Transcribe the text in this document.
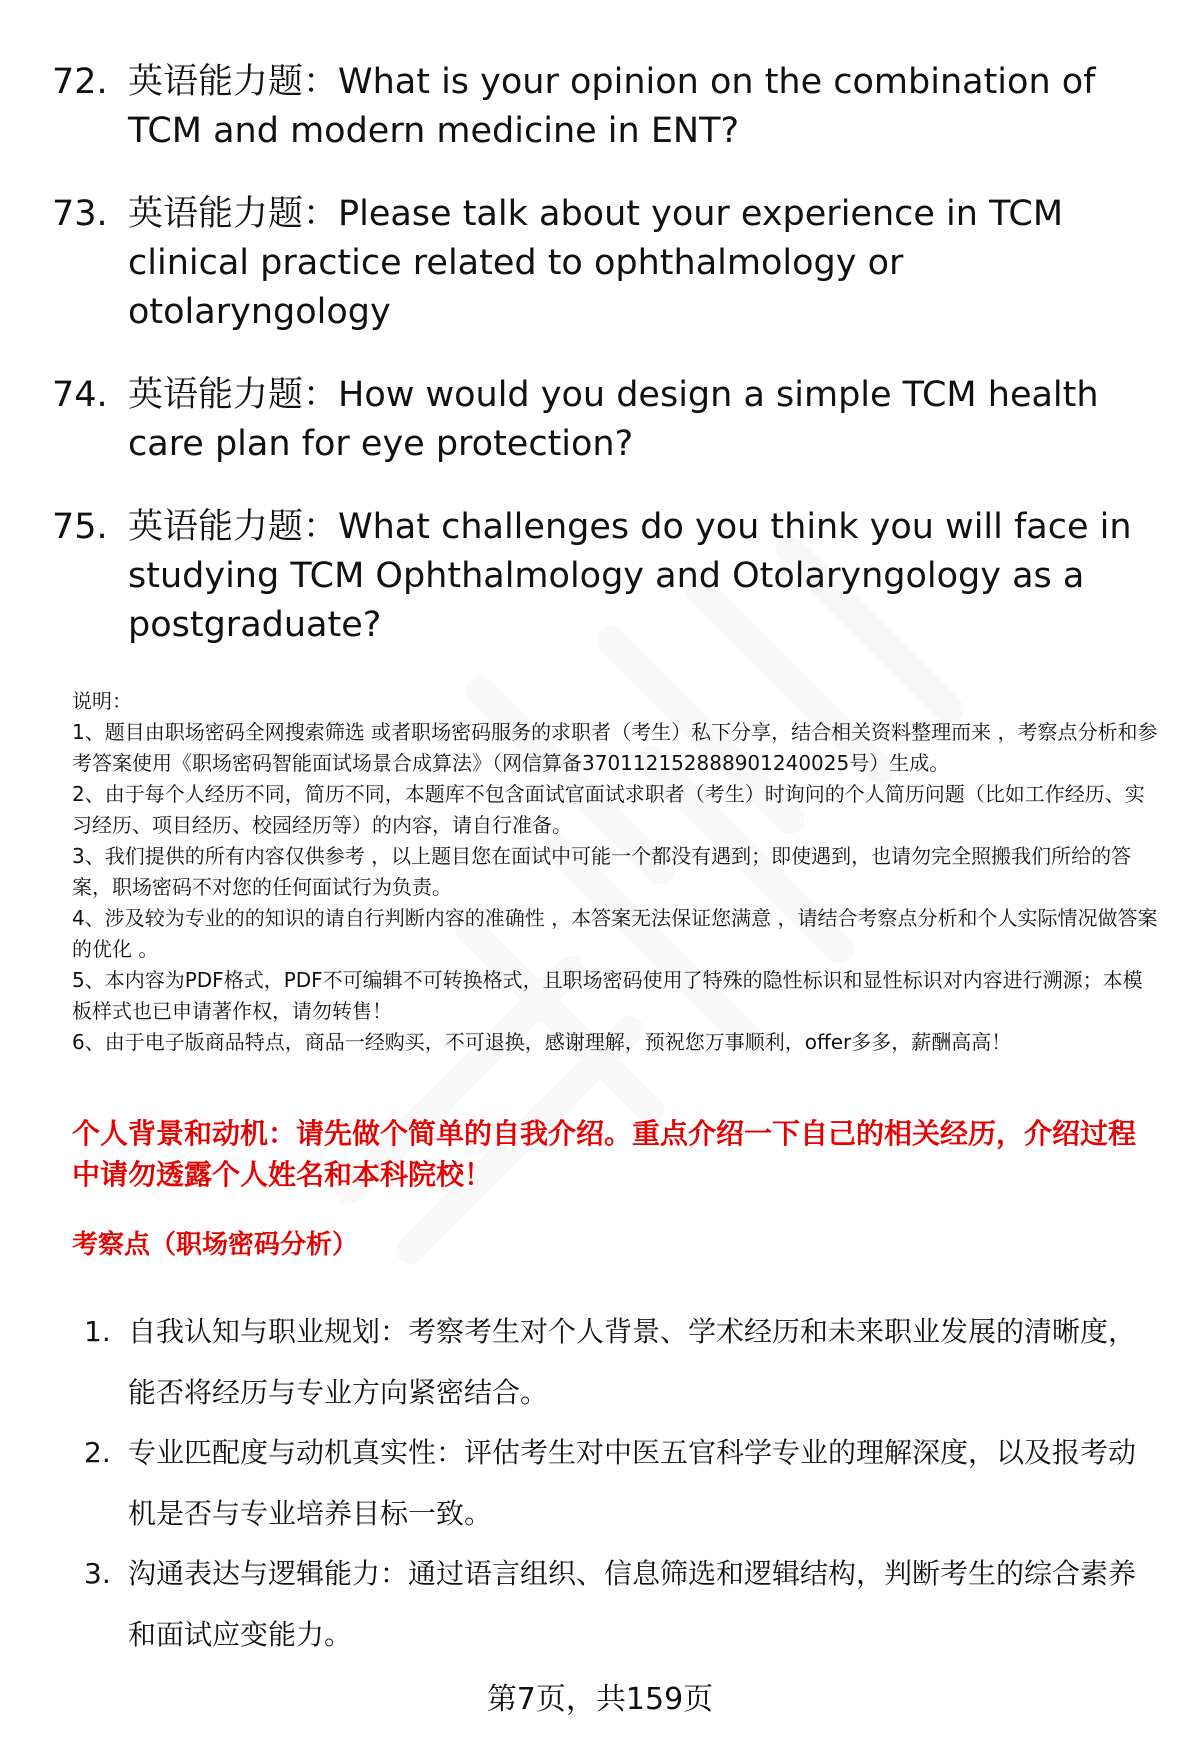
72. 英语能力题：What is your opinion on the combination of TCM and modern medicine in ENT?
73. 英语能力题：Please talk about your experience in TCM clinical practice related to ophthalmology or otolaryngology
74. 英语能力题：How would you design a simple TCM health care plan for eye protection?
75. 英语能力题：What challenges do you think you will face in studying TCM Ophthalmology and Otolaryngology as a postgraduate?

说明：

1、题目由职场密码全网搜索筛选 或者职场密码服务的求职者（考生）私下分享，结合相关资料整理而来 ，考察点分析和参考答案使用《职场密码智能面试场景合成算法》（网信算备370112152888901240025号）生成。

2、由于每个人经历不同，简历不同，本题库不包含面试官面试求职者（考生）时询问的个人简历问题（比如工作经历、实习经历、项目经历、校园经历等）的内容，请自行准备。

3、我们提供的所有内容仅供参考 ，以上题目您在面试中可能一个都没有遇到；即使遇到，也请勿完全照搬我们所给的答案，职场密码不对您的任何面试行为负责。

4、涉及较为专业的的知识的请自行判断内容的准确性 ，本答案无法保证您满意 ，请结合考察点分析和个人实际情况做答案的优化 。

5、本内容为PDF格式，PDF不可编辑不可转换格式，且职场密码使用了特殊的隐性标识和显性标识对内容进行溯源；本模板样式也已申请著作权，请勿转售！

6、由于电子版商品特点，商品一经购买，不可退换，感谢理解，预祝您万事顺利，offer多多，薪酬高高！

个人背景和动机：请先做个简单的自我介绍。重点介绍一下自己的相关经历，介绍过程中请勿透露个人姓名和本科院校！
考察点（职场密码分析）
1. 自我认知与职业规划：考察考生对个人背景、学术经历和未来职业发展的清晰度，能否将经历与专业方向紧密结合。
2. 专业匹配度与动机真实性：评估考生对中医五官科学专业的理解深度，以及报考动机是否与专业培养目标一致。
3. 沟通表达与逻辑能力：通过语言组织、信息筛选和逻辑结构，判断考生的综合素养和面试应变能力。
第7页，共159页
